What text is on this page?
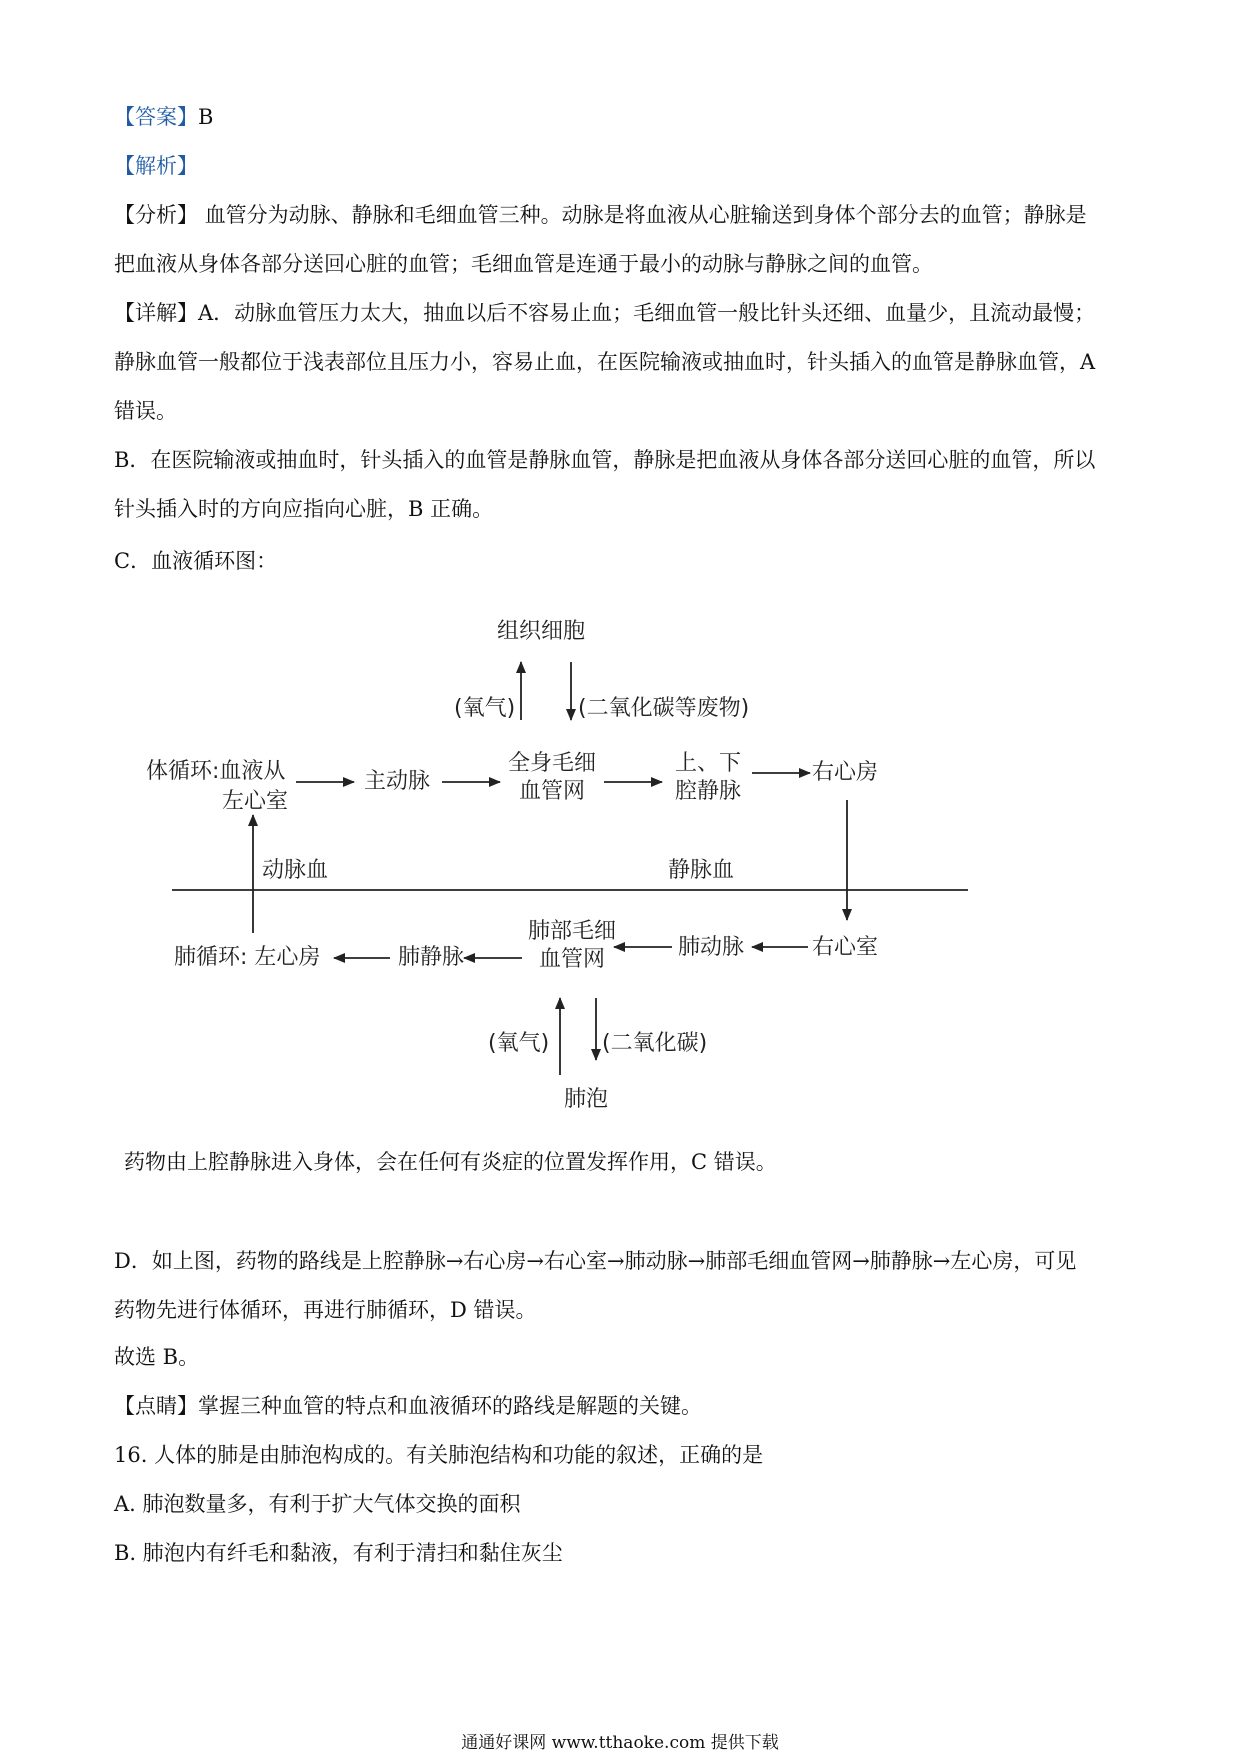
【答案】B
【解析】
【分析】 血管分为动脉、静脉和毛细血管三种。动脉是将血液从心脏输送到身体个部分去的血管；静脉是
把血液从身体各部分送回心脏的血管；毛细血管是连通于最小的动脉与静脉之间的血管。
【详解】A．动脉血管压力太大，抽血以后不容易止血；毛细血管一般比针头还细、血量少，且流动最慢；
静脉血管一般都位于浅表部位且压力小，容易止血，在医院输液或抽血时，针头插入的血管是静脉血管，A
错误。
B．在医院输液或抽血时，针头插入的血管是静脉血管，静脉是把血液从身体各部分送回心脏的血管，所以
针头插入时的方向应指向心脏，B 正确。
C．血液循环图：
组织细胞
(氧气)	(二氧化碳等废物)
体循环:血液从
左心室
主动脉
全身毛细
血管网
上、下
腔静脉
右心房
动脉血	静脉血
肺循环: 左心房	肺静脉
肺部毛细
血管网	肺动脉	右心室
(氧气) (二氧化碳)
肺泡
药物由上腔静脉进入身体，会在任何有炎症的位置发挥作用，C 错误。
D．如上图，药物的路线是上腔静脉→右心房→右心室→肺动脉→肺部毛细血管网→肺静脉→左心房，可见
药物先进行体循环，再进行肺循环，D 错误。
故选 B。
【点睛】掌握三种血管的特点和血液循环的路线是解题的关键。
16. 人体的肺是由肺泡构成的。有关肺泡结构和功能的叙述，正确的是
A. 肺泡数量多，有利于扩大气体交换的面积
B. 肺泡内有纤毛和黏液，有利于清扫和黏住灰尘
通通好课网 www.tthaoke.com 提供下载
